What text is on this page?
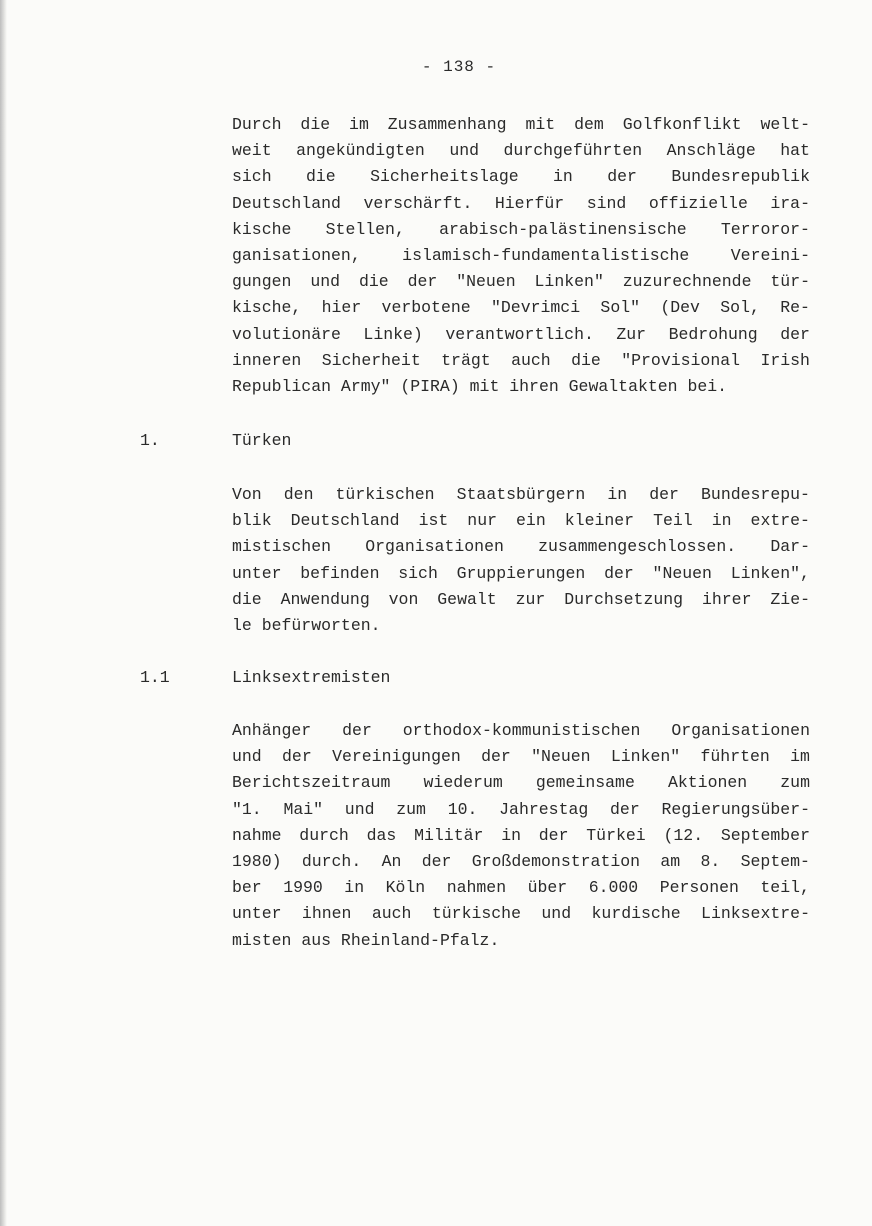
- 138 -
Durch die im Zusammenhang mit dem Golfkonflikt welt-
weit angekündigten und durchgeführten Anschläge hat
sich die Sicherheitslage in der Bundesrepublik
Deutschland verschärft. Hierfür sind offizielle ira-
kische Stellen, arabisch-palästinensische Terroror-
ganisationen,	islamisch-fundamentalistische	Vereini-
gungen und die der "Neuen Linken" zuzurechnende tür-
kische, hier verbotene "Devrimci Sol" (Dev Sol, Re-
volutionäre Linke) verantwortlich. Zur Bedrohung der
inneren Sicherheit trägt auch die "Provisional Irish
Republican Army" (PIRA) mit ihren Gewaltakten bei.
1.	Türken
Von den türkischen Staatsbürgern in der Bundesrepu-
blik Deutschland ist nur ein kleiner Teil in extre-
mistischen Organisationen zusammengeschlossen. Dar-
unter befinden sich Gruppierungen der "Neuen Linken",
die Anwendung von Gewalt zur Durchsetzung ihrer Zie-
le befürworten.
1.1	Linksextremisten
Anhänger der orthodox-kommunistischen Organisationen
und der Vereinigungen der "Neuen Linken" führten im
Berichtszeitraum wiederum gemeinsame Aktionen zum
"1. Mai" und zum 10. Jahrestag der Regierungsüber-
nahme durch das Militär in der Türkei (12. September
1980) durch. An der Großdemonstration am 8. Septem-
ber 1990 in Köln nahmen über 6.000 Personen teil,
unter ihnen auch türkische und kurdische Linksextre-
misten aus Rheinland-Pfalz.
